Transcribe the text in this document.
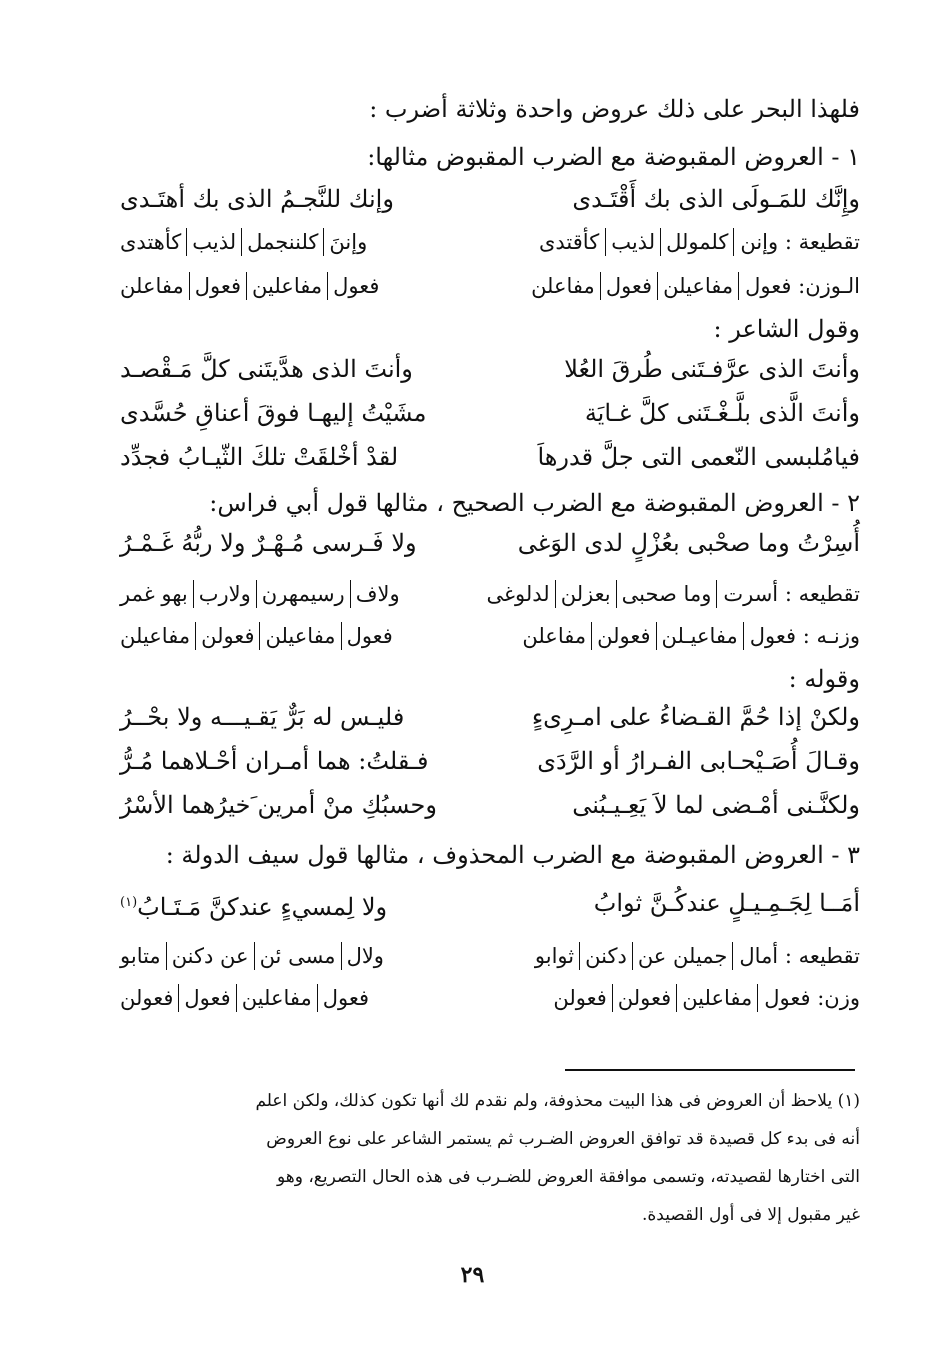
فلهذا البحر على ذلك عروض واحدة وثلاثة أضرب :
١ - العروض المقبوضة مع الضرب المقبوض مثالها:
وإِنَّك للمَـولَى الذى بك أَقْتَـدى
وإنك للنَّجـمُ الذى بك أهتَـدى
تقطيعة : وإنن
كلمولل
لذيب
كأقتدى
وإننَ
كلننجمل
لذيب
كأهتدى
الـوزن: فعول
مفاعيلن
فعول
مفاعلن
فعول
مفاعلين
فعول
مفاعلن
وقول الشاعر :
وأنتَ الذى عرَّفـتَنى طُرقَ العُلا
وأنتَ الذى هدَّيتَنى كلَّ مَـقْصـد
وأنتَ الَّذى بلَّـغْـتَنى كلَّ غـايَة
مشَيْتُ إليهـا فوقَ أعناقِ حُسَّدى
فيامُلبسى النّعمى التى جلَّ قدرهاَ
لقدْ أخْلقَتْ تلكَ الثّيـابُ فجدِّد
٢ - العروض المقبوضة مع الضرب الصحيح ، مثالها قول أبي فراس:
أُسِرْتُ وما صحْبى بعُزْلٍ لدى الوَغى
ولا فَـرسى مُـهْـرٌ ولا ربُّهُ غَـمْـرُ
تقطيعه : أسرت
وما صحبى
بعزلن
لدلوغى
ولاف
رسيمهرن
ولارب
بهو غمر
وزنـه : فعول
مفاعيـلن
فعولن
مفاعلن
فعول
مفاعيلن
فعولن
مفاعيلن
وقوله :
ولكنْ إذا حُمَّ القـضاءُ على امـرِىءٍ
فليـس له بَرٌّ يَقـيـــه ولا بحْــرُ
وقـالَ أُصَـيْحـابى الفـرارُ أو الرَّدَى
فـقلتُ: هما أمـران أحْـلاهما مُـرُّ
ولكنَّـنى أمْـضى لما لاَ يَعِـيـبُنى
وحسبُكِ منْ أمرين َخيرُهما الأسْرُ
٣ - العروض المقبوضة مع الضرب المحذوف ، مثالها قول سيف الدولة :
أمَــا لِجَـمِـيـلٍ عندكُـنَّ ثوابُ
ولا لِمسيءٍ عندكنَّ مَـتَـابُ$^{(١)}$
تقطيعه : أمال
جميلن عن
دكنن
ثوابو
ولال
مسى ئن
عن دكنن
متابو
وزن: فعول
مفاعلين
فعولن
فعولن
فعول
مفاعلين
فعول
فعولن
(١) يلاحظ أن العروض فى هذا البيت محذوفة، ولم نقدم لك أنها تكون كذلك، ولكن اعلم
أنه فى بدء كل قصيدة قد توافق العروض الضـرب ثم يستمر الشاعر على نوع العروض
التى اختارها لقصيدته، وتسمى موافقة العروض للضـرب فى هذه الحال التصريع، وهو
غير مقبول إلا فى أول القصيدة.
٢٩
